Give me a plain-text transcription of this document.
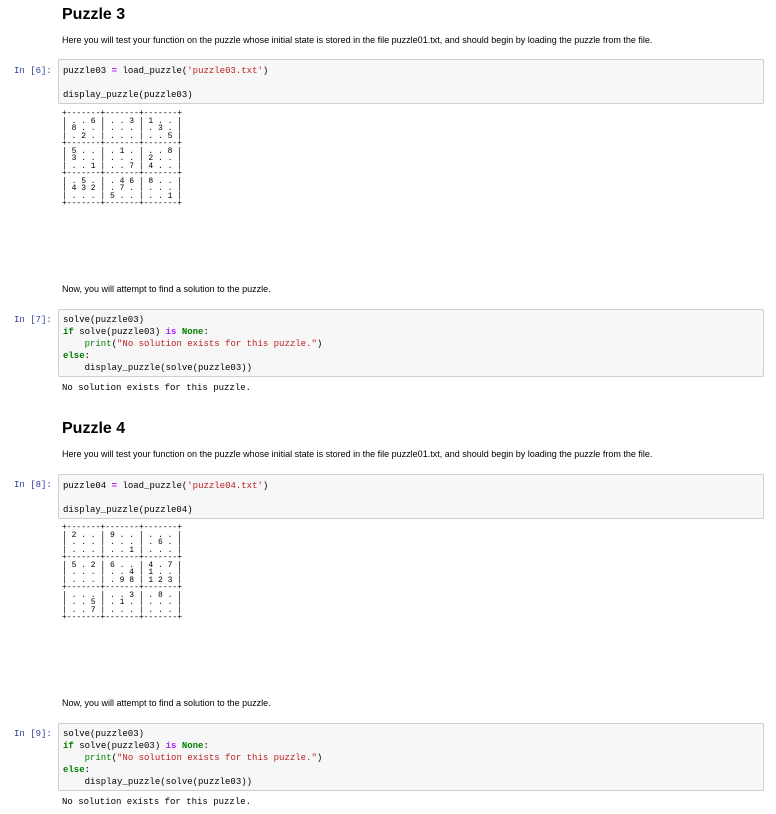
Puzzle 3
Here you will test your function on the puzzle whose initial state is stored in the file puzzle01.txt, and should begin by loading the puzzle from the file.
In [6]: puzzle03 = load_puzzle('puzzle03.txt')
display_puzzle(puzzle03)
+-------+-------+-------+
| . . 6 | . . 3 | 1 . . |
| 8 . . | . . . | . 3 . |
| . 2 . | . . . | . . 5 |
+-------+-------+-------+
| 5 . . | . 1 . | . . 8 |
| 3 . . | . . . | 2 . . |
| . . 1 | . . 7 | 4 . . |
+-------+-------+-------+
| . 5 . | . 4 6 | 8 . . |
| 4 3 2 | . 7 . | . . . |
| . . . | 5 . . | . . 1 |
+-------+-------+-------+
Now, you will attempt to find a solution to the puzzle.
In [7]: solve(puzzle03)
if solve(puzzle03) is None:
print("No solution exists for this puzzle.")
else:
display_puzzle(solve(puzzle03))
No solution exists for this puzzle.
Puzzle 4
Here you will test your function on the puzzle whose initial state is stored in the file puzzle01.txt, and should begin by loading the puzzle from the file.
In [8]: puzzle04 = load_puzzle('puzzle04.txt')
display_puzzle(puzzle04)
+-------+-------+-------+
| 2 . . | 9 . . | . . . |
| . . . | . . . | . 6 . |
| . . . | . . 1 | . . . |
+-------+-------+-------+
| 5 . 2 | 6 . . | 4 . 7 |
| . . . | . . 4 | 1 . . |
| . . . | . 9 8 | 1 2 3 |
+-------+-------+-------+
| . . . | . . 3 | . 8 . |
| . . 5 | . 1 . | . . . |
| . . 7 | . . . | . . . |
+-------+-------+-------+
Now, you will attempt to find a solution to the puzzle.
In [9]: solve(puzzle03)
if solve(puzzle03) is None:
print("No solution exists for this puzzle.")
else:
display_puzzle(solve(puzzle03))
No solution exists for this puzzle.
